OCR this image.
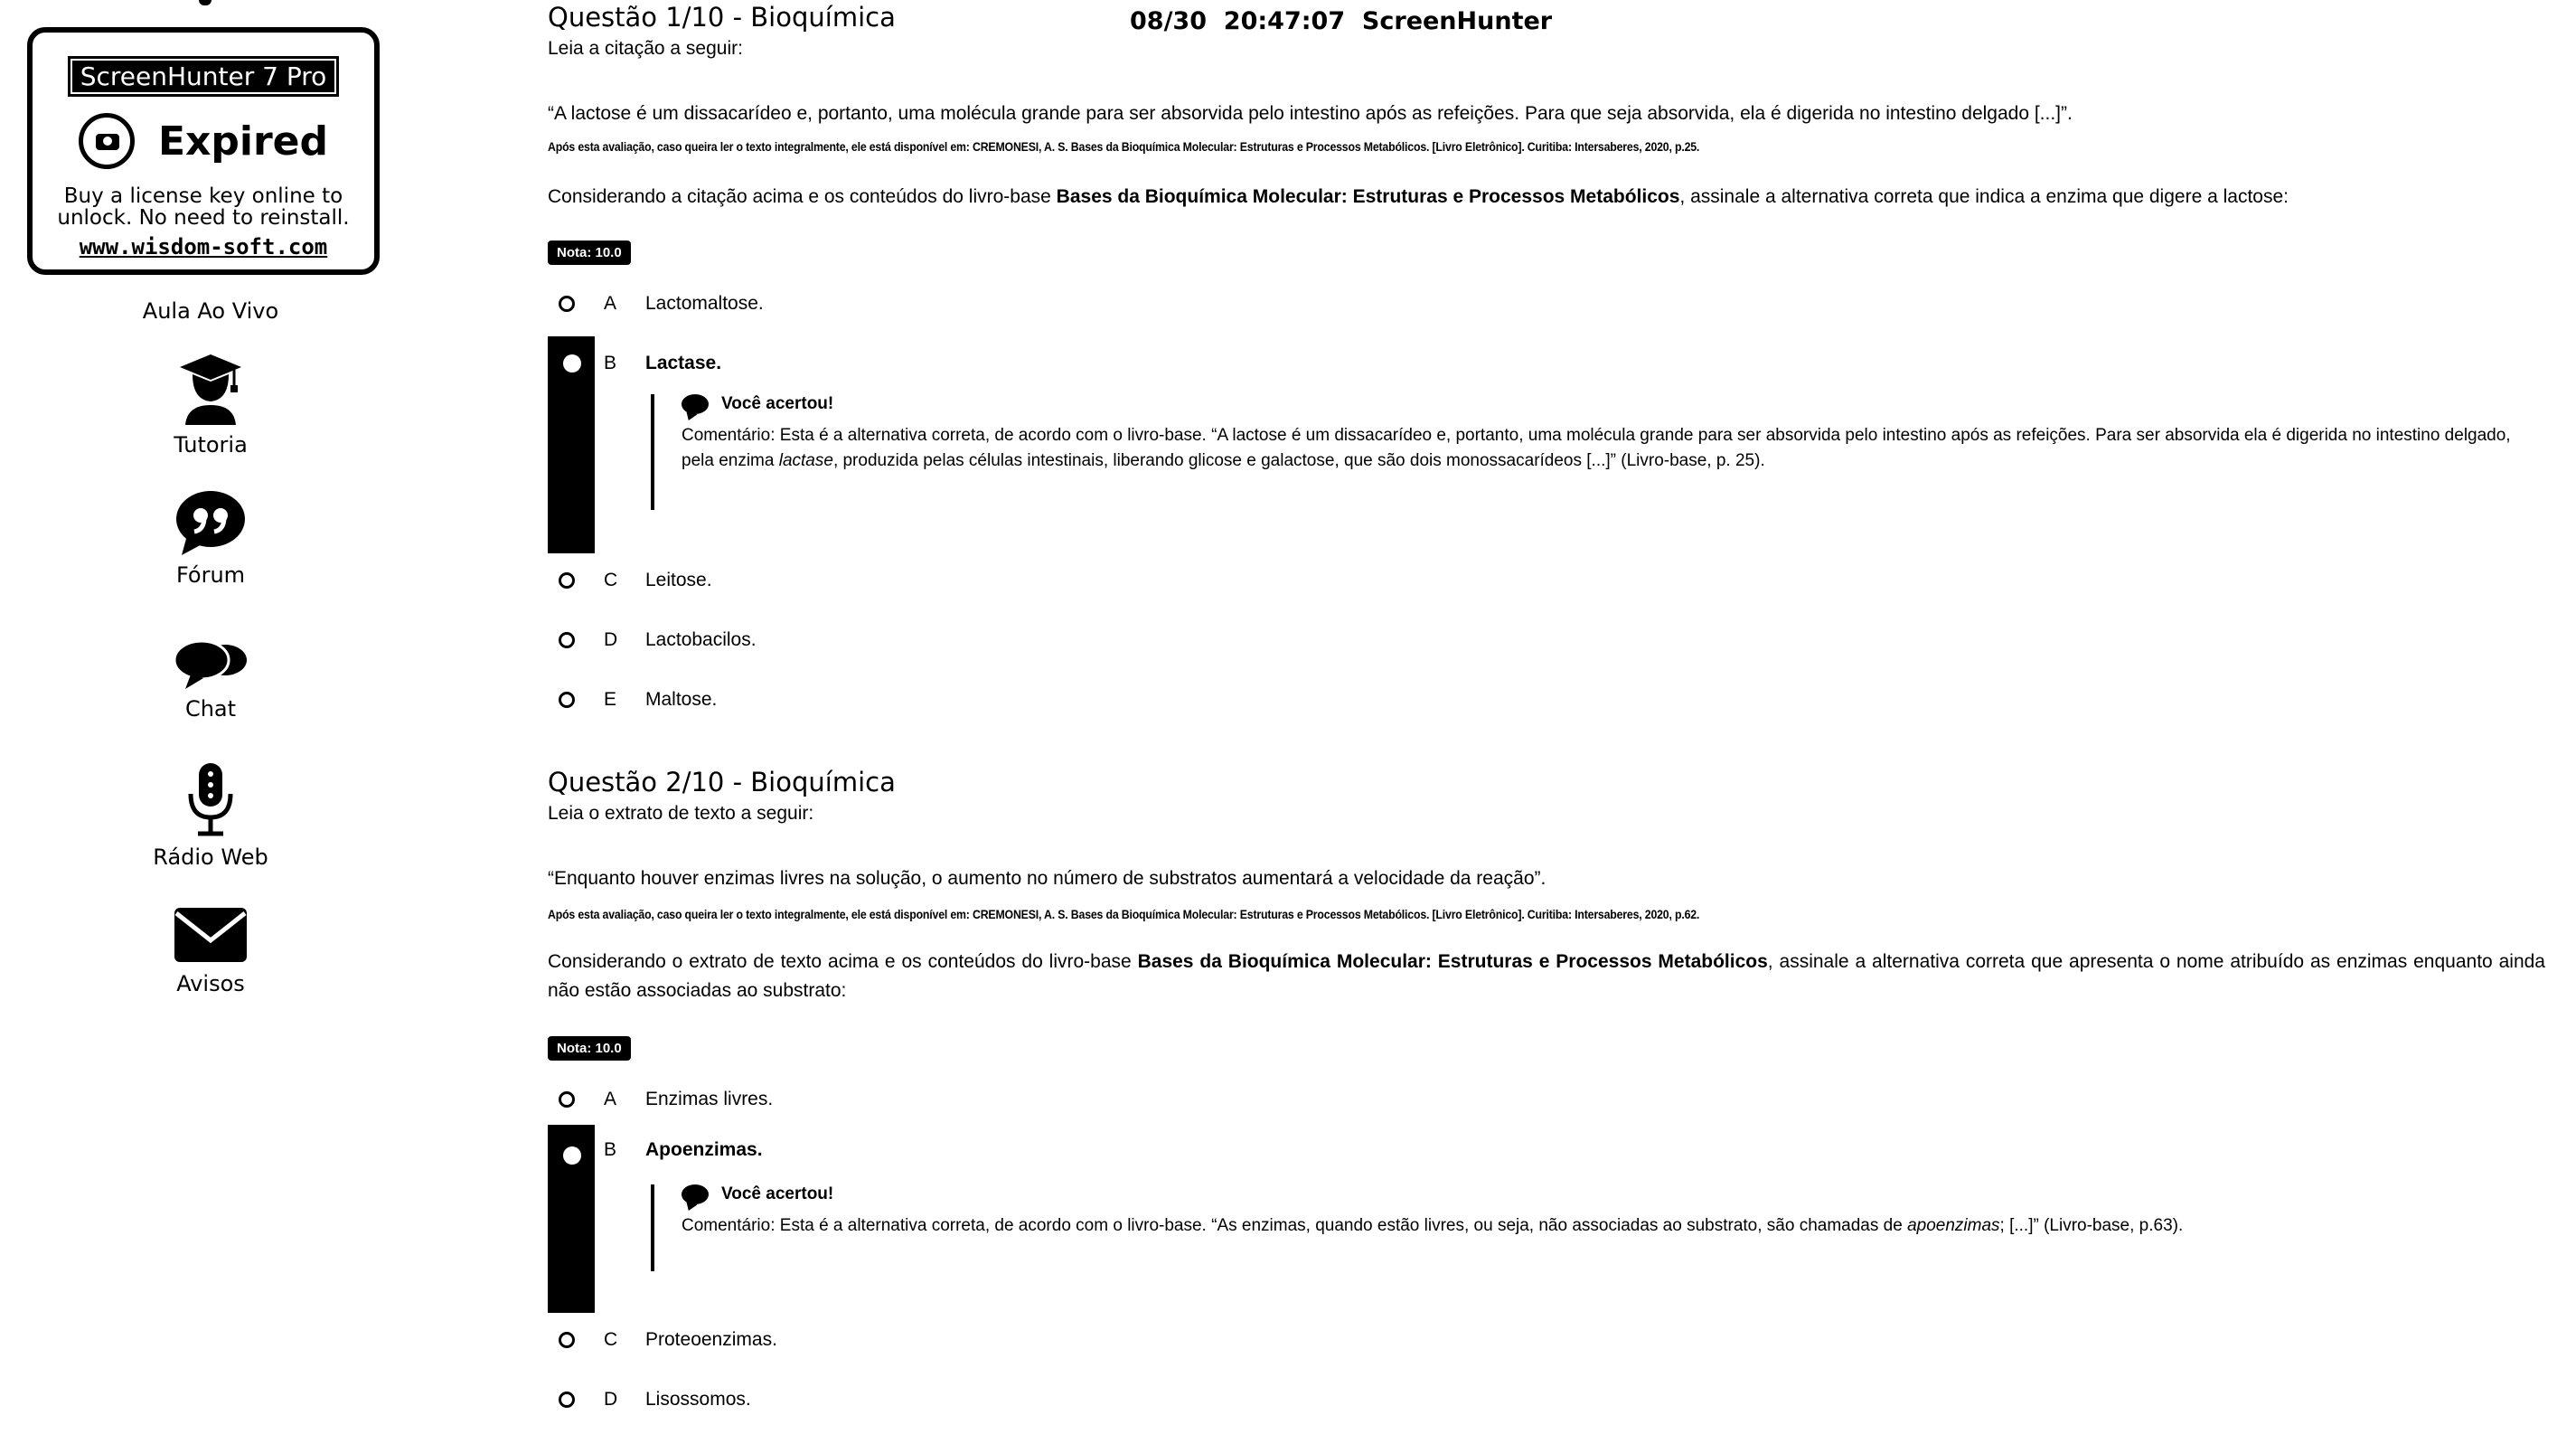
ScreenHunter 7 Pro
Expired
Buy a license key online to
unlock. No need to reinstall.
www.wisdom-soft.com
08/30  20:47:07  ScreenHunter
Aula Ao Vivo
Tutoria
Fórum
Chat
Rádio Web
Avisos
Questão 1/10 - Bioquímica
Leia a citação a seguir:
“A lactose é um dissacarídeo e, portanto, uma molécula grande para ser absorvida pelo intestino após as refeições. Para que seja absorvida, ela é digerida no intestino delgado [...]”.
Após esta avaliação, caso queira ler o texto integralmente, ele está disponível em: CREMONESI, A. S. Bases da Bioquímica Molecular: Estruturas e Processos Metabólicos. [Livro Eletrônico]. Curitiba: Intersaberes, 2020, p.25.
Considerando a citação acima e os conteúdos do livro-base Bases da Bioquímica Molecular: Estruturas e Processos Metabólicos, assinale a alternativa correta que indica a enzima que digere a lactose:
Nota: 10.0
A	Lactomaltose.
B	Lactase.
Você acertou!
Comentário: Esta é a alternativa correta, de acordo com o livro-base. “A lactose é um dissacarídeo e, portanto, uma molécula grande para ser absorvida pelo intestino após as refeições. Para ser absorvida ela é digerida no intestino delgado, pela enzima lactase, produzida pelas células intestinais, liberando glicose e galactose, que são dois monossacarídeos [...]” (Livro-base, p. 25).
C	Leitose.
D	Lactobacilos.
E	Maltose.
Questão 2/10 - Bioquímica
Leia o extrato de texto a seguir:
“Enquanto houver enzimas livres na solução, o aumento no número de substratos aumentará a velocidade da reação”.
Após esta avaliação, caso queira ler o texto integralmente, ele está disponível em: CREMONESI, A. S. Bases da Bioquímica Molecular: Estruturas e Processos Metabólicos. [Livro Eletrônico]. Curitiba: Intersaberes, 2020, p.62.
Considerando o extrato de texto acima e os conteúdos do livro-base Bases da Bioquímica Molecular: Estruturas e Processos Metabólicos, assinale a alternativa correta que apresenta o nome atribuído as enzimas enquanto ainda não estão associadas ao substrato:
Nota: 10.0
A	Enzimas livres.
B	Apoenzimas.
Você acertou!
Comentário: Esta é a alternativa correta, de acordo com o livro-base. “As enzimas, quando estão livres, ou seja, não associadas ao substrato, são chamadas de apoenzimas; [...]” (Livro-base, p.63).
C	Proteoenzimas.
D	Lisossomos.
